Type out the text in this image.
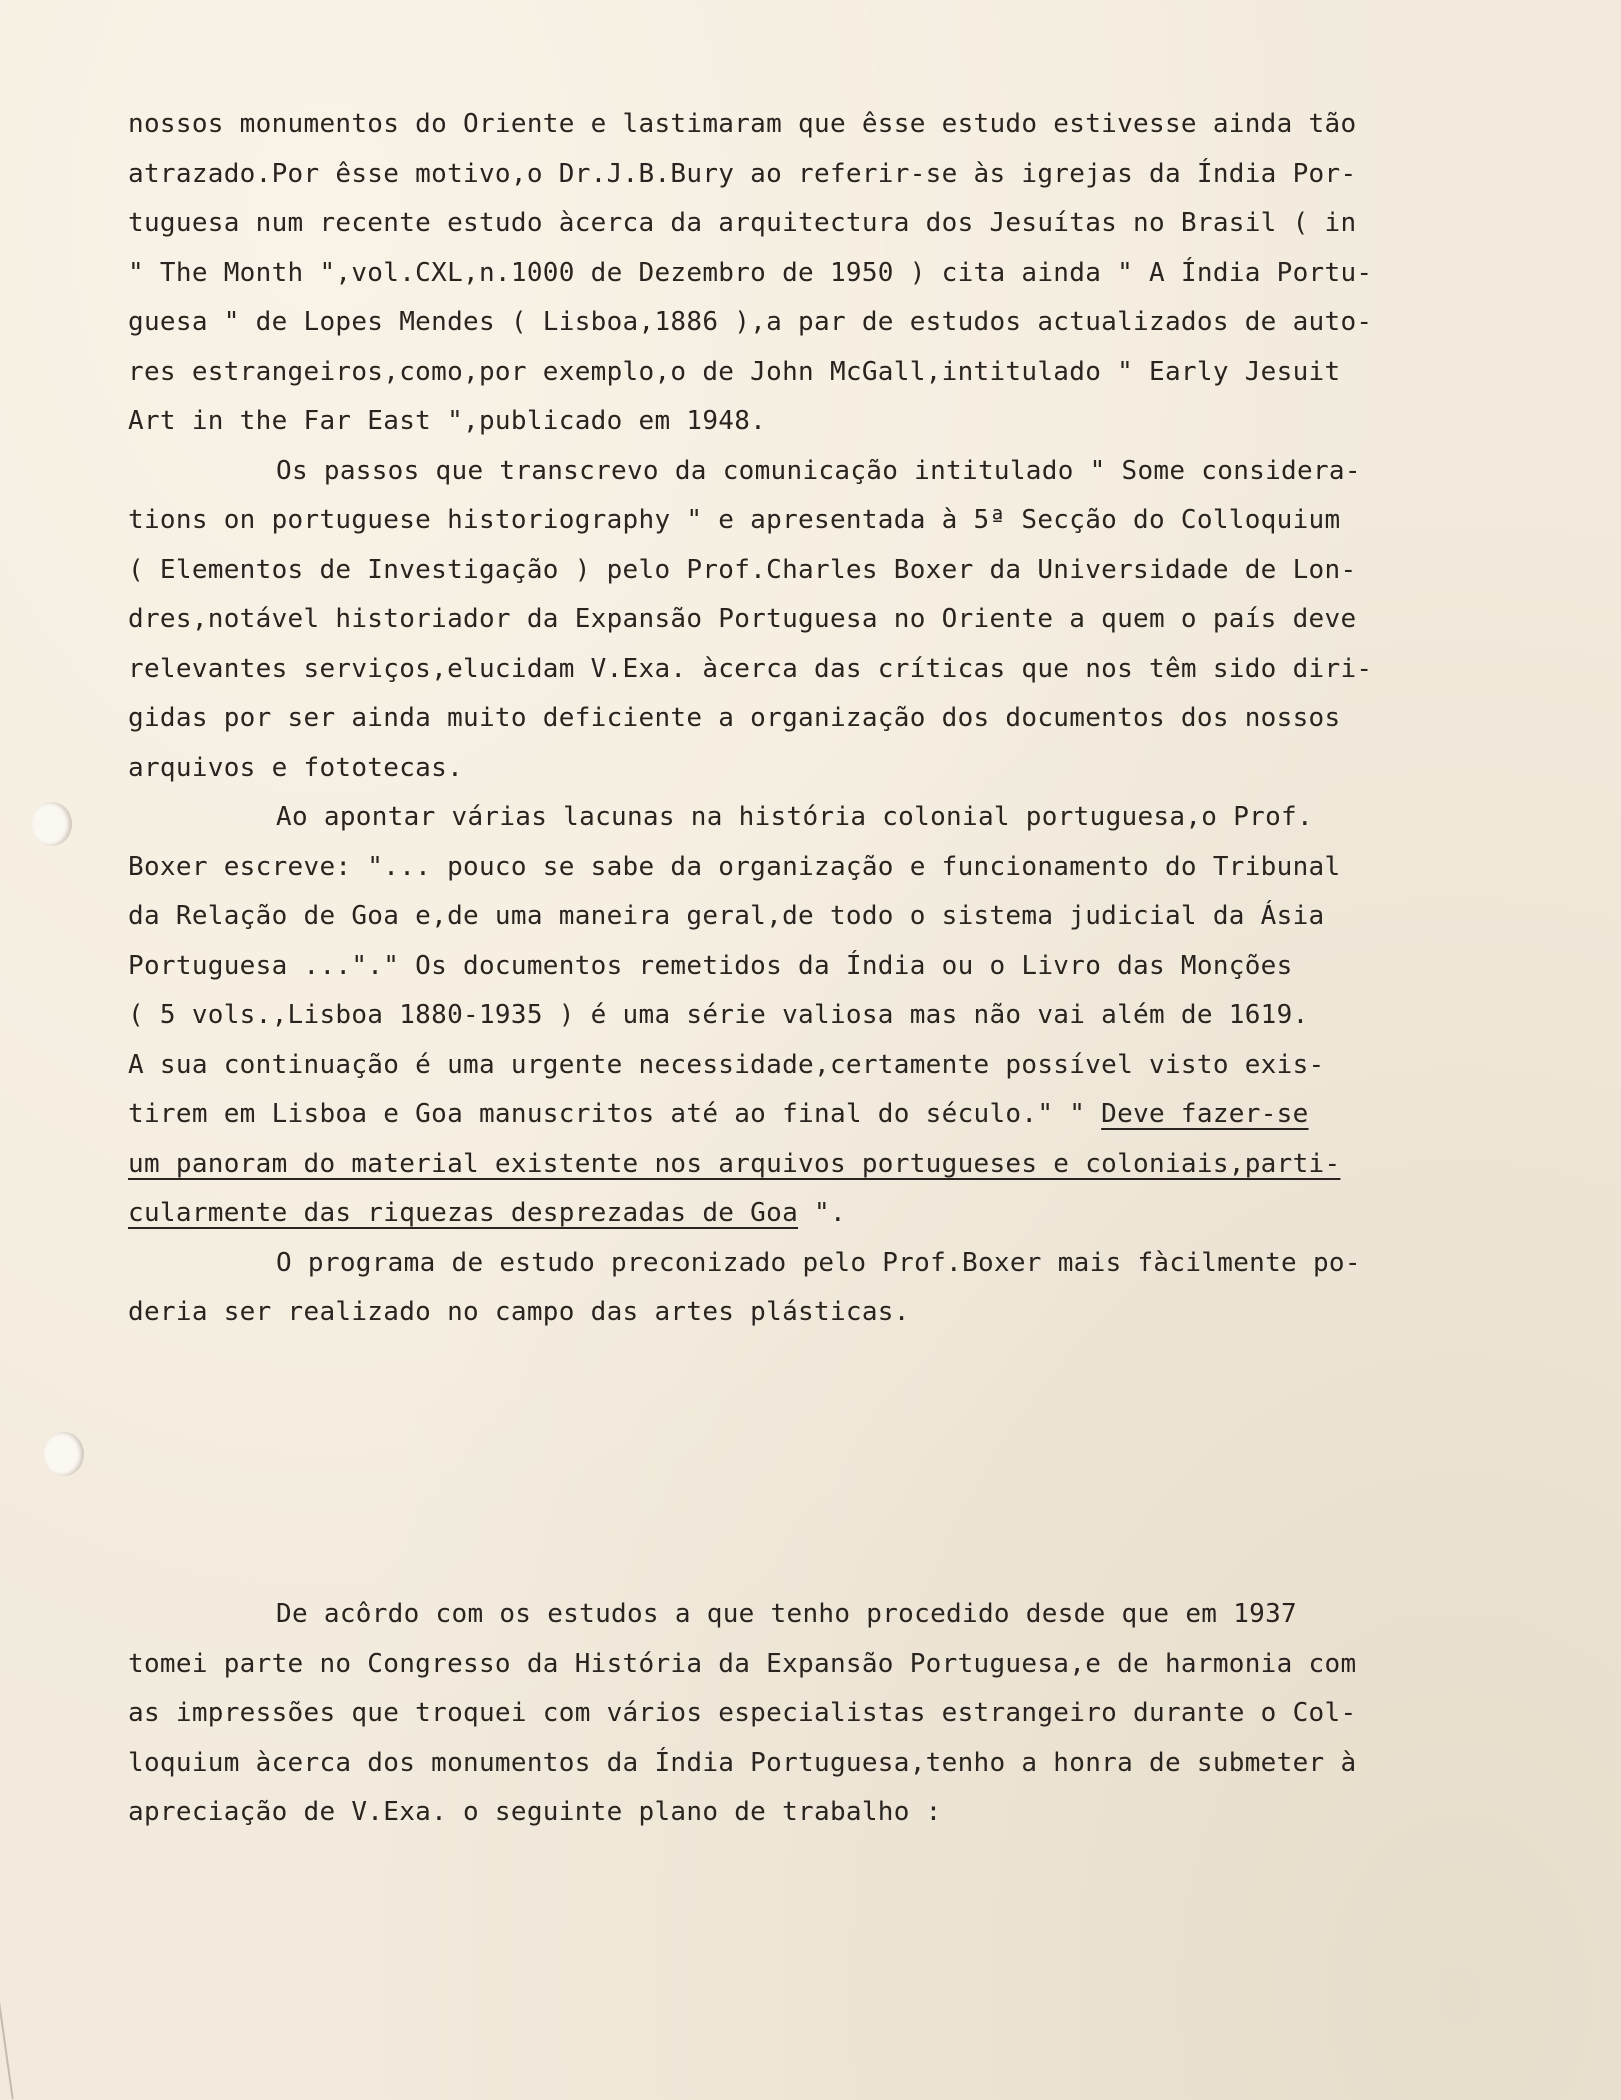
nossos monumentos do Oriente e lastimaram que êsse estudo estivesse ainda tão
atrazado.Por êsse motivo,o Dr.J.B.Bury ao referir-se às igrejas da Índia Por-
tuguesa num recente estudo àcerca da arquitectura dos Jesuítas no Brasil ( in
" The Month ",vol.CXL,n.1000 de Dezembro de 1950 ) cita ainda " A Índia Portu-
guesa " de Lopes Mendes ( Lisboa,1886 ),a par de estudos actualizados de auto-
res estrangeiros,como,por exemplo,o de John McGall,intitulado " Early Jesuit
Art in the Far East ",publicado em 1948.
Os passos que transcrevo da comunicação intitulado " Some considera-
tions on portuguese historiography " e apresentada à 5ª Secção do Colloquium
( Elementos de Investigação ) pelo Prof.Charles Boxer da Universidade de Lon-
dres,notável historiador da Expansão Portuguesa no Oriente a quem o país deve
relevantes serviços,elucidam V.Exa. àcerca das críticas que nos têm sido diri-
gidas por ser ainda muito deficiente a organização dos documentos dos nossos
arquivos e fototecas.
Ao apontar várias lacunas na história colonial portuguesa,o Prof.
Boxer escreve: "... pouco se sabe da organização e funcionamento do Tribunal
da Relação de Goa e,de uma maneira geral,de todo o sistema judicial da Ásia
Portuguesa ..."." Os documentos remetidos da Índia ou o Livro das Monções
( 5 vols.,Lisboa 1880-1935 ) é uma série valiosa mas não vai além de 1619.
A sua continuação é uma urgente necessidade,certamente possível visto exis-
tirem em Lisboa e Goa manuscritos até ao final do século." " Deve fazer-se
um panoram do material existente nos arquivos portugueses e coloniais,parti-
cularmente das riquezas desprezadas de Goa ".
O programa de estudo preconizado pelo Prof.Boxer mais fàcilmente po-
deria ser realizado no campo das artes plásticas.
De acôrdo com os estudos a que tenho procedido desde que em 1937
tomei parte no Congresso da História da Expansão Portuguesa,e de harmonia com
as impressões que troquei com vários especialistas estrangeiro durante o Col-
loquium àcerca dos monumentos da Índia Portuguesa,tenho a honra de submeter à
apreciação de V.Exa. o seguinte plano de trabalho :
